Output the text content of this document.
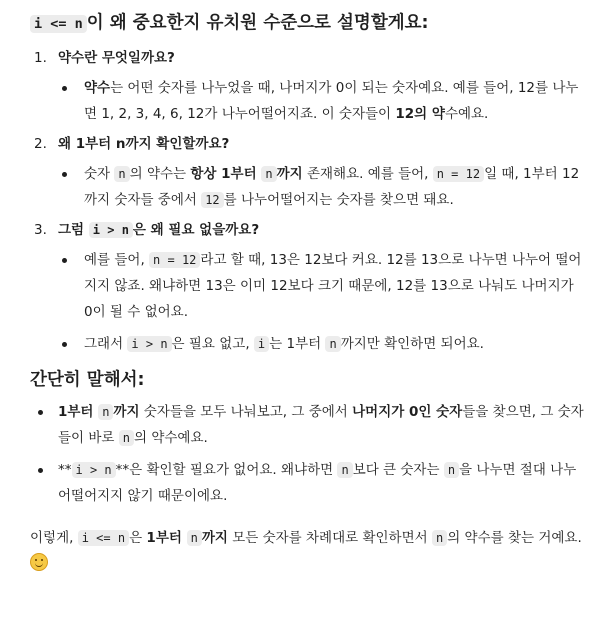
i <= n 이 왜 중요한지 유치원 수준으로 설명할게요:
1. 약수란 무엇일까요?
약수는 어떤 숫자를 나누었을 때, 나머지가 0이 되는 숫자예요. 예를 들어, 12를 나누면 1, 2, 3, 4, 6, 12가 나누어떨어지죠. 이 숫자들이 12의 약수예요.
2. 왜 1부터 n까지 확인할까요?
숫자 n 의 약수는 항상 1부터 n 까지 존재해요. 예를 들어, n = 12 일 때, 1부터 12까지 숫자들 중에서 12 를 나누어떨어지는 숫자를 찾으면 돼요.
3. 그럼 i > n 은 왜 필요 없을까요?
예를 들어, n = 12 라고 할 때, 13은 12보다 커요. 12를 13으로 나누면 나누어 떨어지지 않죠. 왜냐하면 13은 이미 12보다 크기 때문에, 12를 13으로 나눠도 나머지가 0이 될 수 없어요.
그래서 i > n 은 필요 없고, i 는 1부터 n 까지만 확인하면 되어요.
간단히 말해서:
1부터 n 까지 숫자들을 모두 나눠보고, 그 중에서 나머지가 0인 숫자들을 찾으면, 그 숫자들이 바로 n 의 약수예요.
** i > n **은 확인할 필요가 없어요. 왜냐하면 n 보다 큰 숫자는 n 을 나누면 절대 나누어떨어지지 않기 때문이에요.
이렇게, i <= n 은 1부터 n 까지 모든 숫자를 차례대로 확인하면서 n 의 약수를 찾는 거예요.
